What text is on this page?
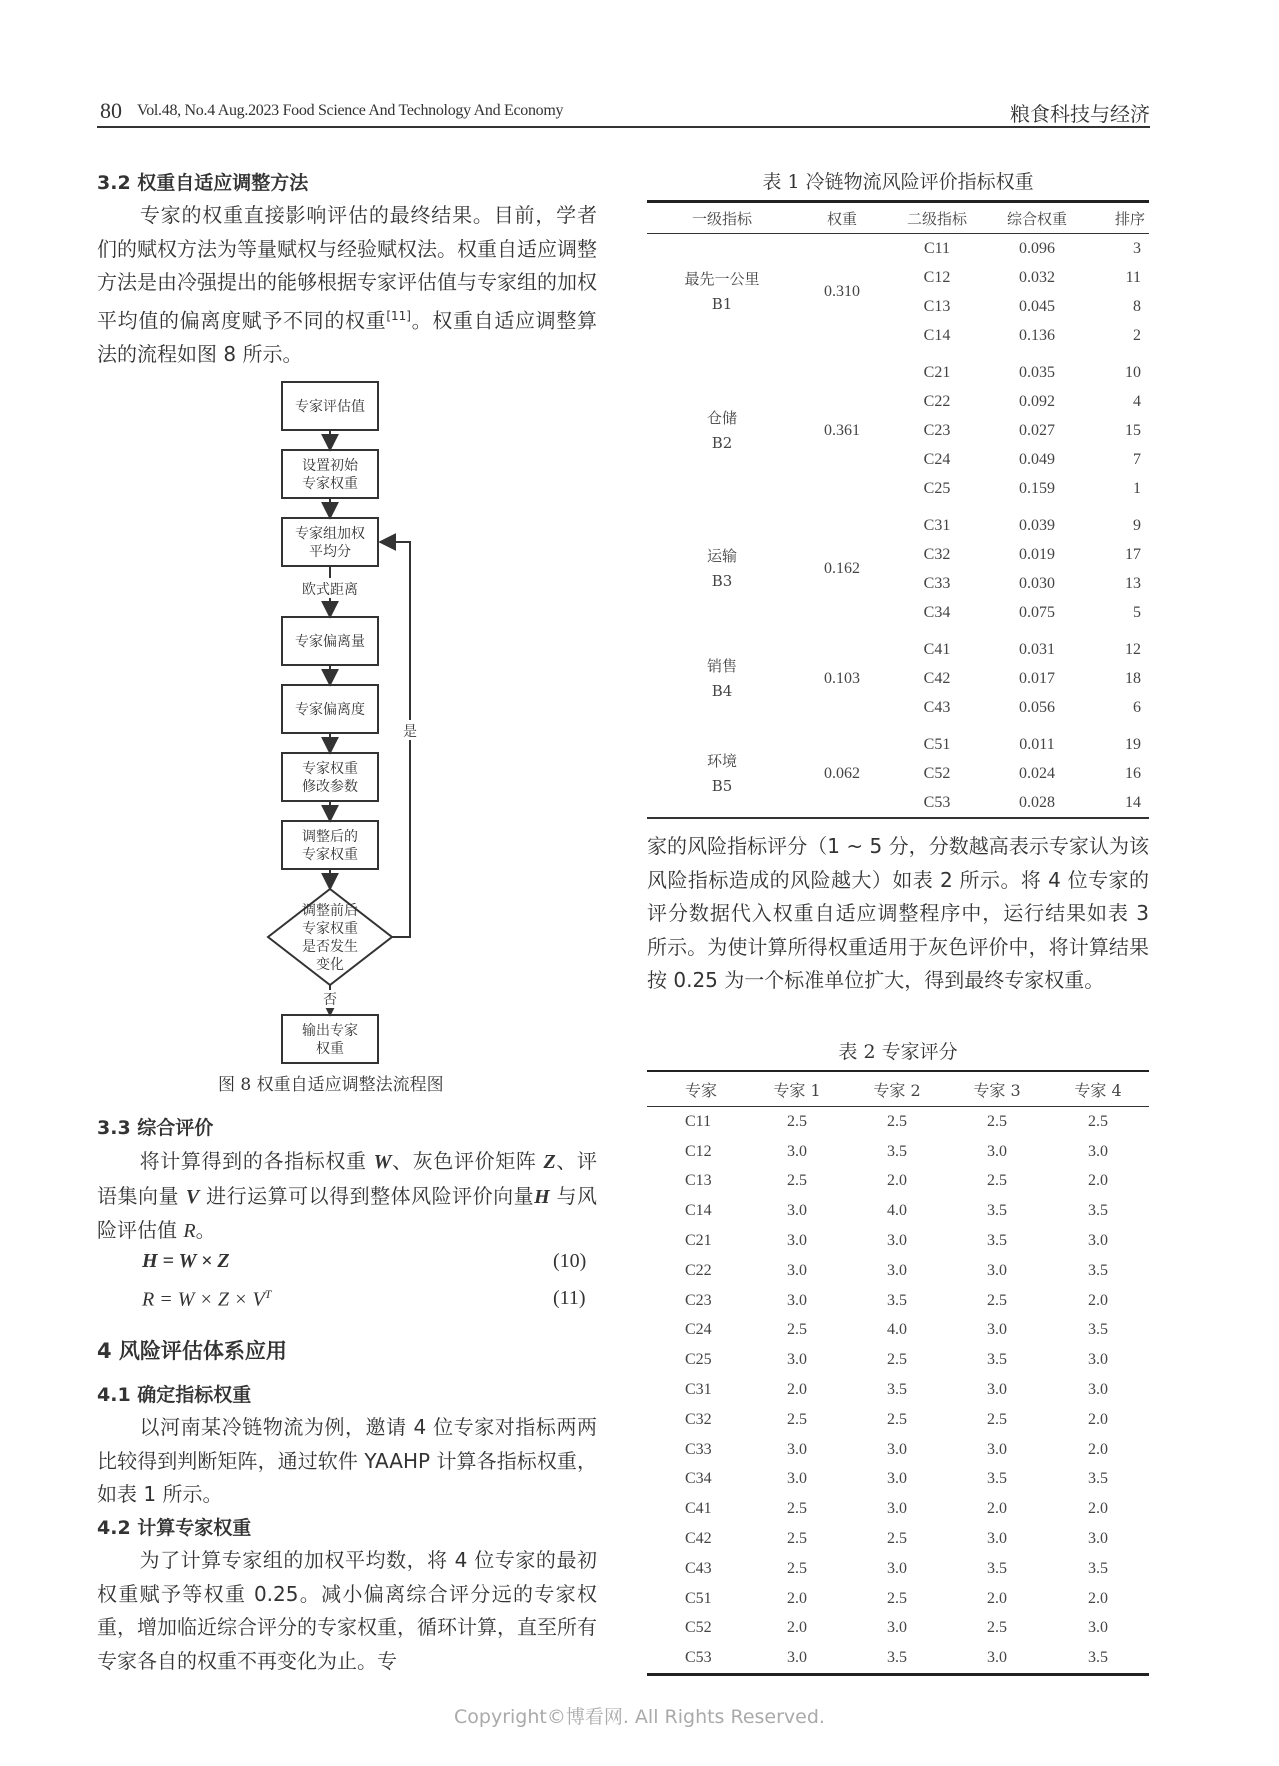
80 Vol.48, No.4 Aug.2023 Food Science And Technology And Economy	粮食科技与经济
3.2 权重自适应调整方法
专家的权重直接影响评估的最终结果。目前，学者们的赋权方法为等量赋权与经验赋权法。权重自适应调整方法是由冷强提出的能够根据专家评估值与专家组的加权平均值的偏离度赋予不同的权重[11]。权重自适应调整算法的流程如图 8 所示。
专家评估值
设置初始
专家权重
专家组加权
平均分
专家偏离量
专家偏离度
专家权重
修改参数
调整后的
专家权重
输出专家
权重
欧式距离
调整前后
专家权重
是否发生
变化
否
是
图 8 权重自适应调整法流程图
3.3 综合评价
将计算得到的各指标权重 W、灰色评价矩阵 Z、评语集向量 V 进行运算可以得到整体风险评价向量H 与风险评估值 R。
H = W × Z	(10)
$R = W \times Z \times V^T$	(11)
4 风险评估体系应用
4.1 确定指标权重
以河南某冷链物流为例，邀请 4 位专家对指标两两比较得到判断矩阵，通过软件 YAAHP 计算各指标权重，如表 1 所示。
4.2 计算专家权重
为了计算专家组的加权平均数，将 4 位专家的最初权重赋予等权重 0.25。减小偏离综合评分远的专家权重，增加临近综合评分的专家权重，循环计算，直至所有专家各自的权重不再变化为止。专
表 1 冷链物流风险评价指标权重
一级指标	权重	二级指标	综合权重	排序

最先一公里
B1	0.310	C11	0.096	3
		C12	0.032	11
		C13	0.045	8
		C14	0.136	2

仓储
B2	0.361	C21	0.035	10
		C22	0.092	4
		C23	0.027	15
		C24	0.049	7
		C25	0.159	1

运输
B3	0.162	C31	0.039	9
		C32	0.019	17
		C33	0.030	13
		C34	0.075	5

销售
B4	0.103	C41	0.031	12
		C42	0.017	18
		C43	0.056	6

环境
B5	0.062	C51	0.011	19
		C52	0.024	16
		C53	0.028	14
家的风险指标评分（1 ~ 5 分，分数越高表示专家认为该风险指标造成的风险越大）如表 2 所示。将 4 位专家的评分数据代入权重自适应调整程序中，运行结果如表 3 所示。为使计算所得权重适用于灰色评价中，将计算结果按 0.25 为一个标准单位扩大，得到最终专家权重。
表 2 专家评分
专家	专家 1	专家 2	专家 3	专家 4
C11	2.5	2.5	2.5	2.5
C12	3.0	3.5	3.0	3.0
C13	2.5	2.0	2.5	2.0
C14	3.0	4.0	3.5	3.5
C21	3.0	3.0	3.5	3.0
C22	3.0	3.0	3.0	3.5
C23	3.0	3.5	2.5	2.0
C24	2.5	4.0	3.0	3.5
C25	3.0	2.5	3.5	3.0
C31	2.0	3.5	3.0	3.0
C32	2.5	2.5	2.5	2.0
C33	3.0	3.0	3.0	2.0
C34	3.0	3.0	3.5	3.5
C41	2.5	3.0	2.0	2.0
C42	2.5	2.5	3.0	3.0
C43	2.5	3.0	3.5	3.5
C51	2.0	2.5	2.0	2.0
C52	2.0	3.0	2.5	3.0
C53	3.0	3.5	3.0	3.5
Copyright©博看网. All Rights Reserved.
